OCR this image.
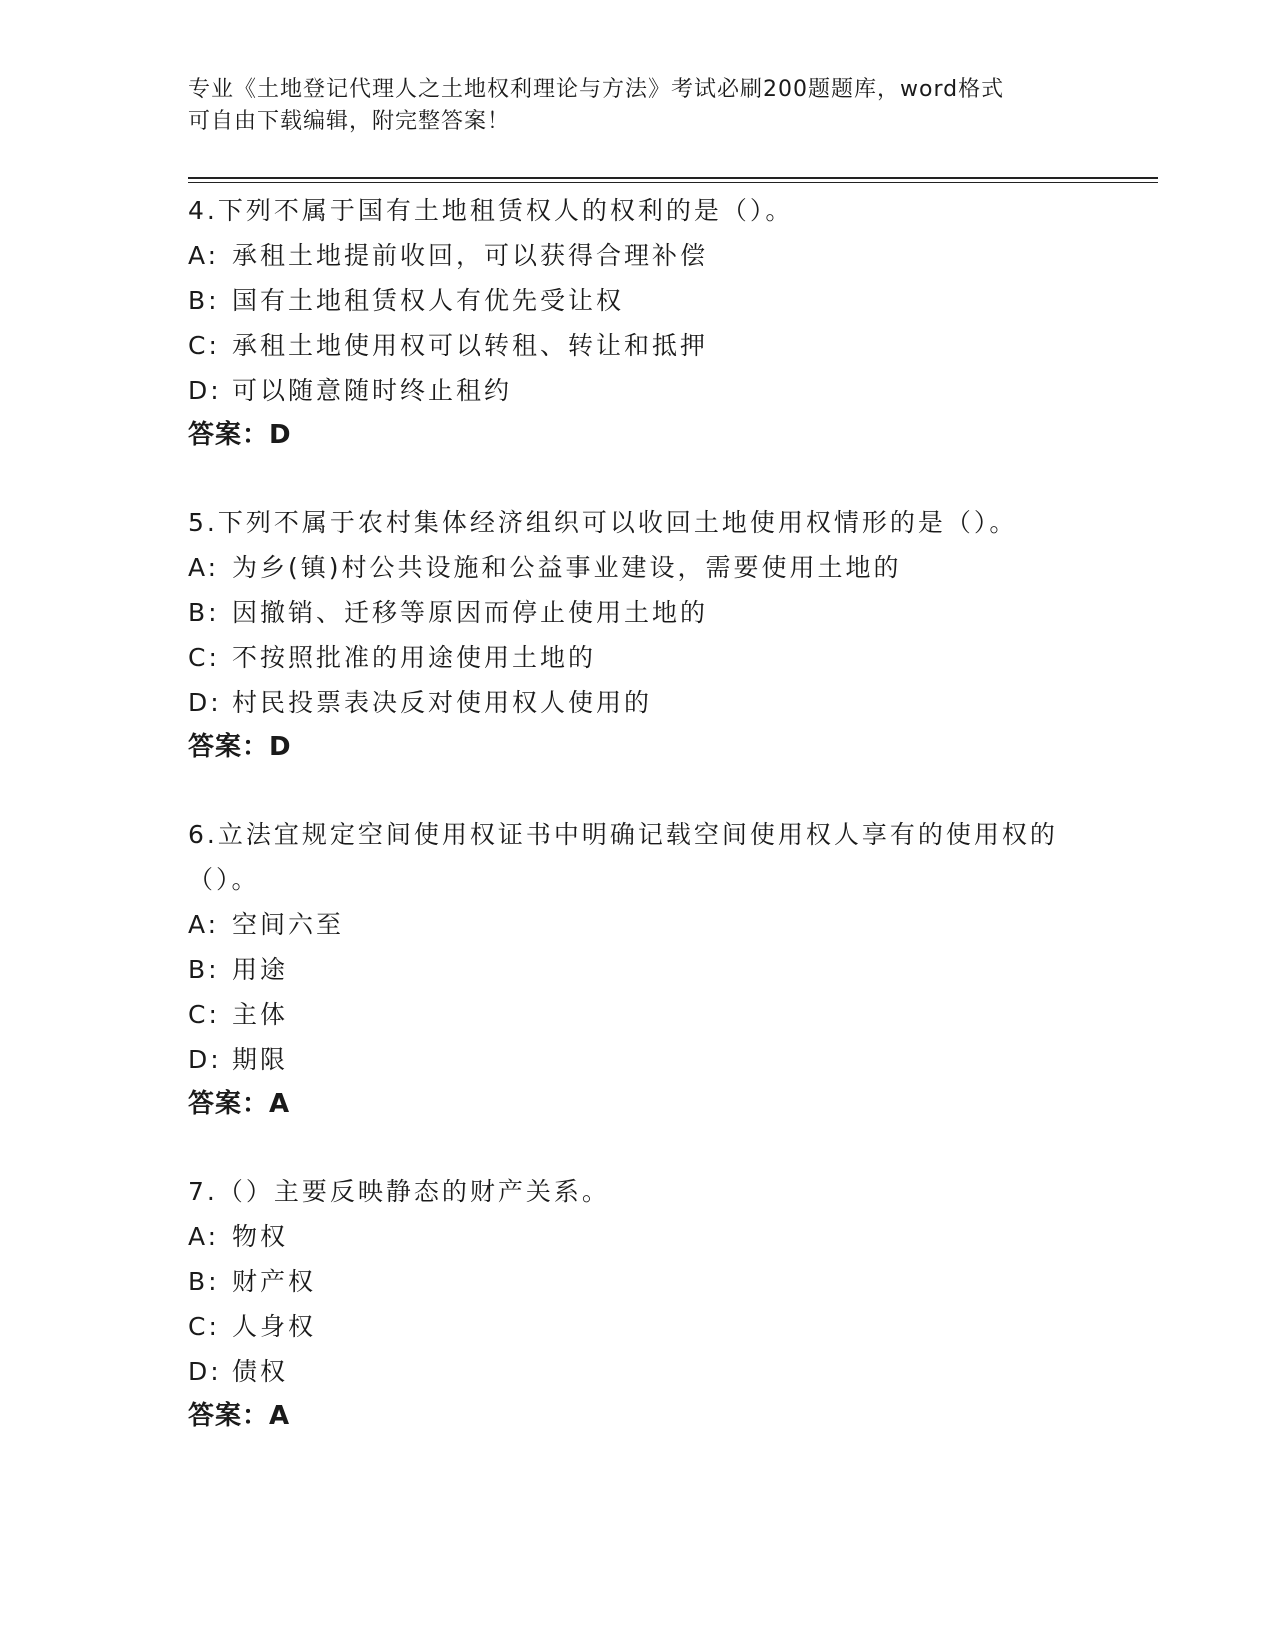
专业《土地登记代理人之土地权利理论与方法》考试必刷200题题库，word格式
可自由下载编辑，附完整答案！
4.下列不属于国有土地租赁权人的权利的是（）。
A: 承租土地提前收回，可以获得合理补偿
B: 国有土地租赁权人有优先受让权
C: 承租土地使用权可以转租、转让和抵押
D: 可以随意随时终止租约
答案：D
5.下列不属于农村集体经济组织可以收回土地使用权情形的是（）。
A: 为乡(镇)村公共设施和公益事业建设，需要使用土地的
B: 因撤销、迁移等原因而停止使用土地的
C: 不按照批准的用途使用土地的
D: 村民投票表决反对使用权人使用的
答案：D
6.立法宜规定空间使用权证书中明确记载空间使用权人享有的使用权的（）。
A: 空间六至
B: 用途
C: 主体
D: 期限
答案：A
7.（）主要反映静态的财产关系。
A: 物权
B: 财产权
C: 人身权
D: 债权
答案：A
